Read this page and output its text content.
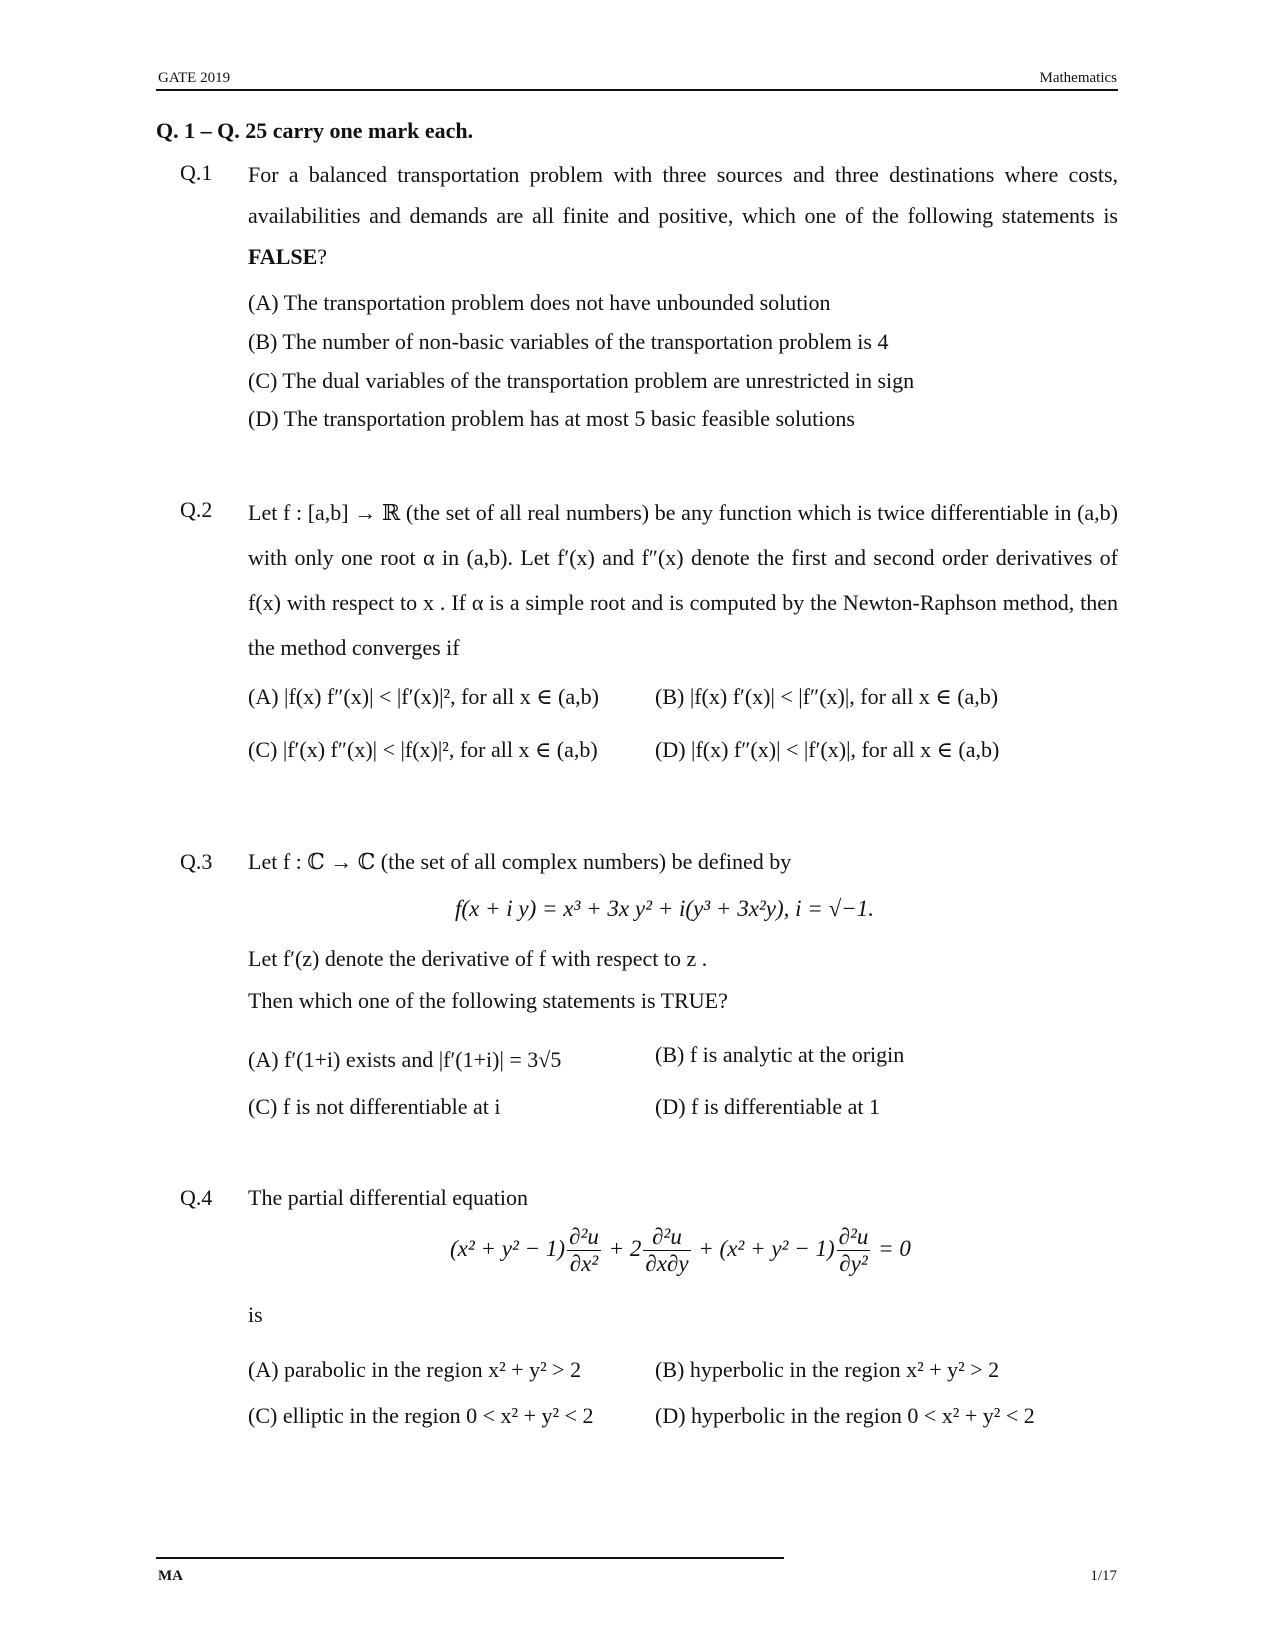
GATE 2019	Mathematics
Q. 1 – Q. 25 carry one mark each.
Q.1 For a balanced transportation problem with three sources and three destinations where costs, availabilities and demands are all finite and positive, which one of the following statements is FALSE?
(A) The transportation problem does not have unbounded solution
(B) The number of non-basic variables of the transportation problem is 4
(C) The dual variables of the transportation problem are unrestricted in sign
(D) The transportation problem has at most 5 basic feasible solutions
Q.2 Let f : [a,b] → ℝ (the set of all real numbers) be any function which is twice differentiable in (a,b) with only one root α in (a,b). Let f′(x) and f″(x) denote the first and second order derivatives of f(x) with respect to x . If α is a simple root and is computed by the Newton-Raphson method, then the method converges if
(A) |f(x) f″(x)| < |f′(x)|², for all x ∈ (a,b)	(B) |f(x) f′(x)| < |f″(x)|, for all x ∈ (a,b)
(C) |f′(x) f″(x)| < |f(x)|², for all x ∈ (a,b)	(D) |f(x) f″(x)| < |f′(x)|, for all x ∈ (a,b)
Q.3 Let f : ℂ → ℂ (the set of all complex numbers) be defined by
f(x + i y) = x³ + 3x y² + i(y³ + 3x²y), i = √−1.
Let f′(z) denote the derivative of f with respect to z .
Then which one of the following statements is TRUE?
(A) f′(1+i) exists and |f′(1+i)| = 3√5	(B) f is analytic at the origin
(C) f is not differentiable at i	(D) f is differentiable at 1
Q.4 The partial differential equation
$(x^2 + y^2 - 1) \frac{\text{∂²u}}{\text{∂x²}} + 2 \frac{\text{∂²u}}{\partial x\partial y} + (x^2 + y^2 - 1) \frac{\text{∂²u}}{\text{∂y²}} = 0$
is
(A) parabolic in the region x² + y² > 2	(B) hyperbolic in the region x² + y² > 2
(C) elliptic in the region 0 < x² + y² < 2	(D) hyperbolic in the region 0 < x² + y² < 2
MA	1/17
